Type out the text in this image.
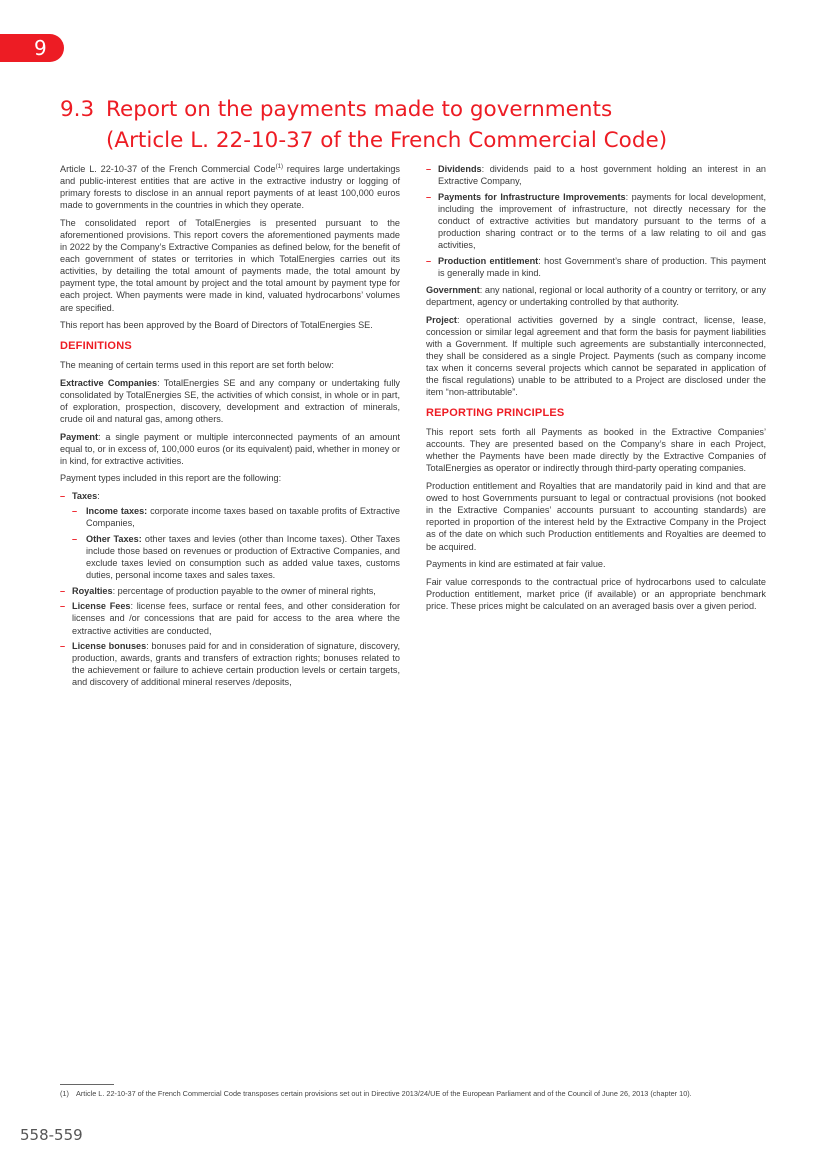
9
9.3 Report on the payments made to governments
(Article L. 22-10-37 of the French Commercial Code)

Article L. 22-10-37 of the French Commercial Code$^{(1)}$ requires large undertakings and public-interest entities that are active in the extractive industry or logging of primary forests to disclose in an annual report payments of at least 100,000 euros made to governments in the countries in which they operate.

The consolidated report of TotalEnergies is presented pursuant to the aforementioned provisions. This report covers the aforementioned payments made in 2022 by the Company’s Extractive Companies as defined below, for the benefit of each government of states or territories in which TotalEnergies carries out its activities, by detailing the total amount of payments made, the total amount by payment type, the total amount by project and the total amount by payment type for each project. When payments were made in kind, valuated hydrocarbons’ volumes are specified.

This report has been approved by the Board of Directors of TotalEnergies SE.

DEFINITIONS

The meaning of certain terms used in this report are set forth below:

Extractive Companies: TotalEnergies SE and any company or undertaking fully consolidated by TotalEnergies SE, the activities of which consist, in whole or in part, of exploration, prospection, discovery, development and extraction of minerals, crude oil and natural gas, among others.

Payment: a single payment or multiple interconnected payments of an amount equal to, or in excess of, 100,000 euros (or its equivalent) paid, whether in money or in kind, for extractive activities.

Payment types included in this report are the following:

– Taxes:
– Income taxes: corporate income taxes based on taxable profits of Extractive Companies,
– Other Taxes: other taxes and levies (other than Income taxes). Other Taxes include those based on revenues or production of Extractive Companies, and exclude taxes levied on consumption such as added value taxes, customs duties, personal income taxes and sales taxes.
– Royalties: percentage of production payable to the owner of mineral rights,
– License Fees: license fees, surface or rental fees, and other consideration for licenses and /or concessions that are paid for access to the area where the extractive activities are conducted,
– License bonuses: bonuses paid for and in consideration of signature, discovery, production, awards, grants and transfers of extraction rights; bonuses related to the achievement or failure to achieve certain production levels or certain targets, and discovery of additional mineral reserves /deposits,
– Dividends: dividends paid to a host government holding an interest in an Extractive Company,
– Payments for Infrastructure Improvements: payments for local development, including the improvement of infrastructure, not directly necessary for the conduct of extractive activities but mandatory pursuant to the terms of a production sharing contract or to the terms of a law relating to oil and gas activities,
– Production entitlement: host Government’s share of production. This payment is generally made in kind.

Government: any national, regional or local authority of a country or territory, or any department, agency or undertaking controlled by that authority.

Project: operational activities governed by a single contract, license, lease, concession or similar legal agreement and that form the basis for payment liabilities with a Government. If multiple such agreements are substantially interconnected, they shall be considered as a single Project. Payments (such as company income tax when it concerns several projects which cannot be separated in application of the fiscal regulations) unable to be attributed to a Project are disclosed under the item “non-attributable”.

REPORTING PRINCIPLES

This report sets forth all Payments as booked in the Extractive Companies’ accounts. They are presented based on the Company’s share in each Project, whether the Payments have been made directly by the Extractive Companies of TotalEnergies as operator or indirectly through third-party operating companies.

Production entitlement and Royalties that are mandatorily paid in kind and that are owed to host Governments pursuant to legal or contractual provisions (not booked in the Extractive Companies’ accounts pursuant to accounting standards) are reported in proportion of the interest held by the Extractive Company in the Project as of the date on which such Production entitlements and Royalties are deemed to be acquired.

Payments in kind are estimated at fair value.

Fair value corresponds to the contractual price of hydrocarbons used to calculate Production entitlement, market price (if available) or an appropriate benchmark price. These prices might be calculated on an averaged basis over a given period.

(1) Article L. 22-10-37 of the French Commercial Code transposes certain provisions set out in Directive 2013/24/UE of the European Parliament and of the Council of June 26, 2013 (chapter 10).
558-559
